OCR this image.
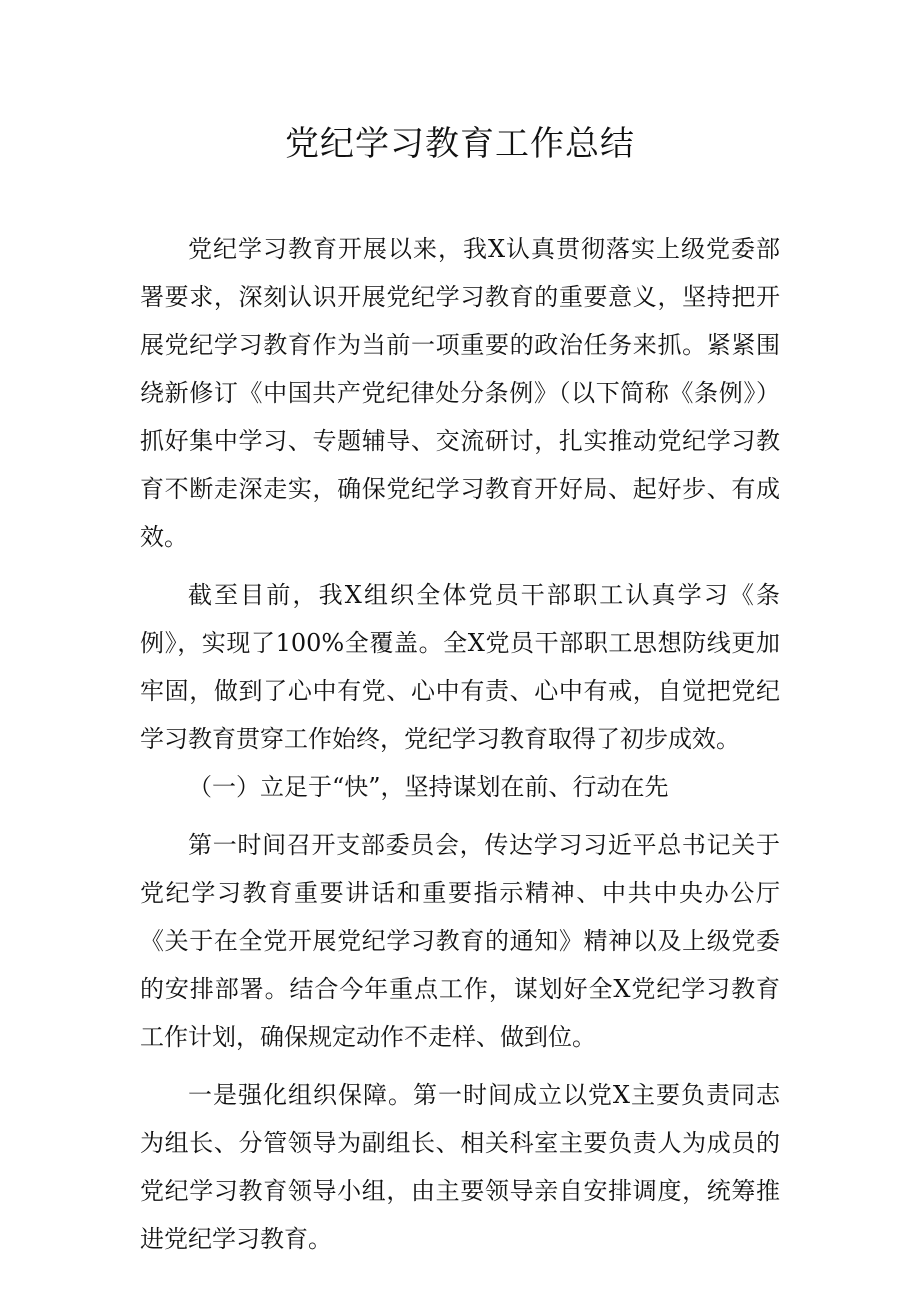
党纪学习教育工作总结

党纪学习教育开展以来，我X认真贯彻落实上级党委部署要求，深刻认识开展党纪学习教育的重要意义，坚持把开展党纪学习教育作为当前一项重要的政治任务来抓。紧紧围绕新修订《中国共产党纪律处分条例》（以下简称《条例》）抓好集中学习、专题辅导、交流研讨，扎实推动党纪学习教育不断走深走实，确保党纪学习教育开好局、起好步、有成效。

截至目前，我X组织全体党员干部职工认真学习《条例》，实现了100%全覆盖。全X党员干部职工思想防线更加牢固，做到了心中有党、心中有责、心中有戒，自觉把党纪学习教育贯穿工作始终，党纪学习教育取得了初步成效。

（一）立足于“快”，坚持谋划在前、行动在先

第一时间召开支部委员会，传达学习习近平总书记关于党纪学习教育重要讲话和重要指示精神、中共中央办公厅《关于在全党开展党纪学习教育的通知》精神以及上级党委的安排部署。结合今年重点工作，谋划好全X党纪学习教育工作计划，确保规定动作不走样、做到位。

一是强化组织保障。第一时间成立以党X主要负责同志为组长、分管领导为副组长、相关科室主要负责人为成员的党纪学习教育领导小组，由主要领导亲自安排调度，统筹推进党纪学习教育。
